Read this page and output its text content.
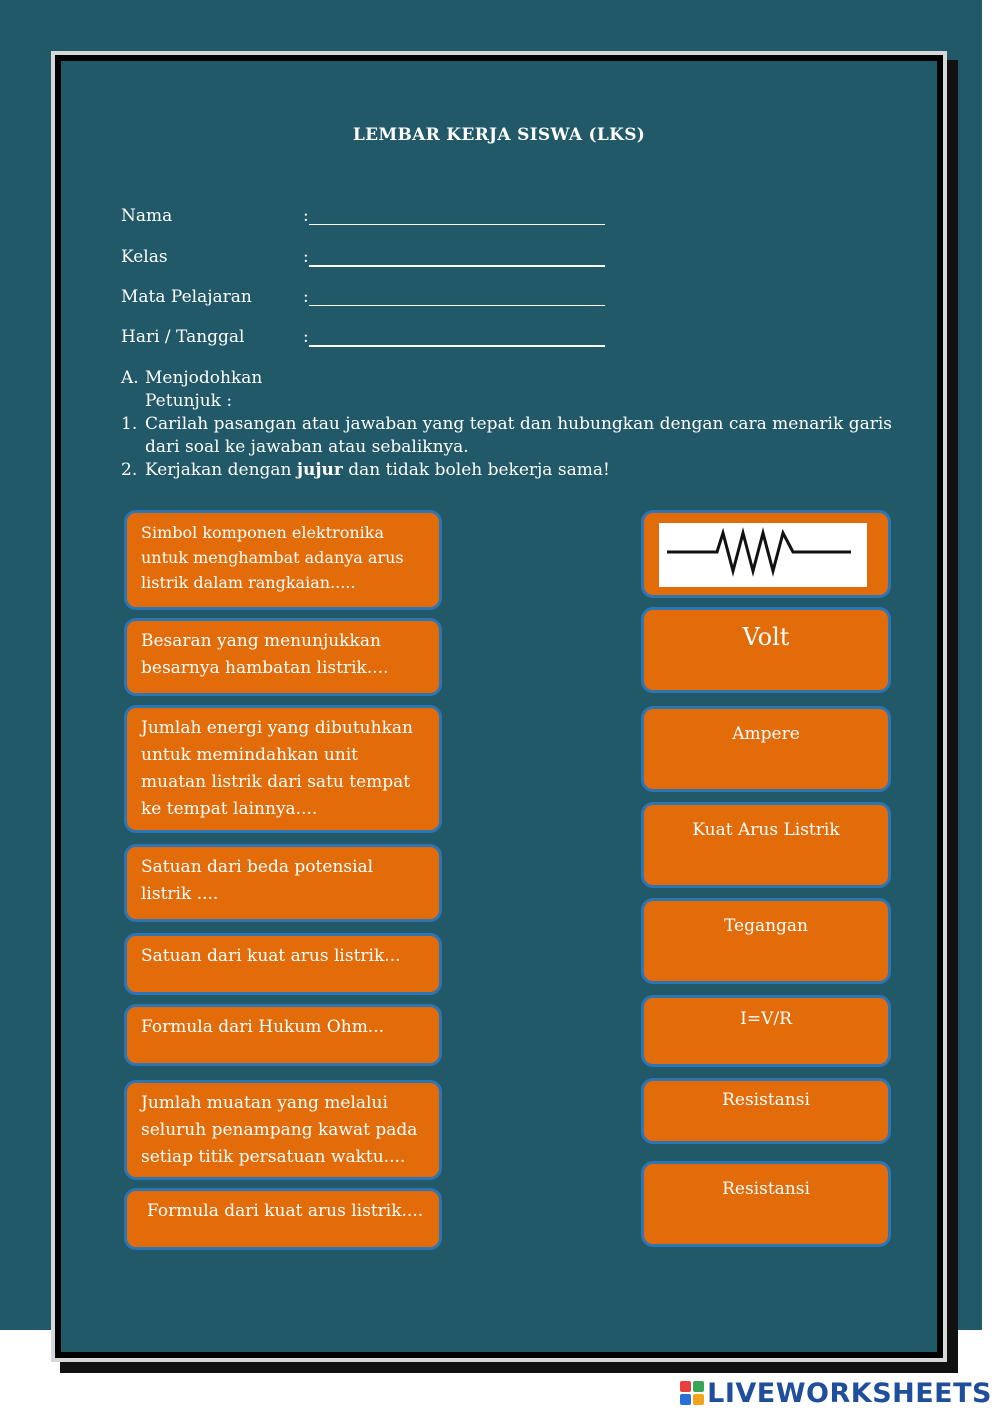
LEMBAR KERJA SISWA (LKS)
Nama	:
Kelas	:
Mata Pelajaran	:
Hari / Tanggal	:
A. Menjodohkan
Petunjuk :
1. Carilah pasangan atau jawaban yang tepat dan hubungkan dengan cara menarik garis dari soal ke jawaban atau sebaliknya.
2. Kerjakan dengan jujur dan tidak boleh bekerja sama!
Simbol komponen elektronika untuk menghambat adanya arus listrik dalam rangkaian.....
Besaran yang menunjukkan besarnya hambatan listrik....
Jumlah energi yang dibutuhkan untuk memindahkan unit muatan listrik dari satu tempat ke tempat lainnya....
Satuan dari beda potensial listrik ....
Satuan dari kuat arus listrik...
Formula dari Hukum Ohm...
Jumlah muatan yang melalui seluruh penampang kawat pada setiap titik persatuan waktu....
Formula dari kuat arus listrik....
Volt
Ampere
Kuat Arus Listrik
Tegangan
I=V/R
Resistansi
Resistansi
LIVEWORKSHEETS
